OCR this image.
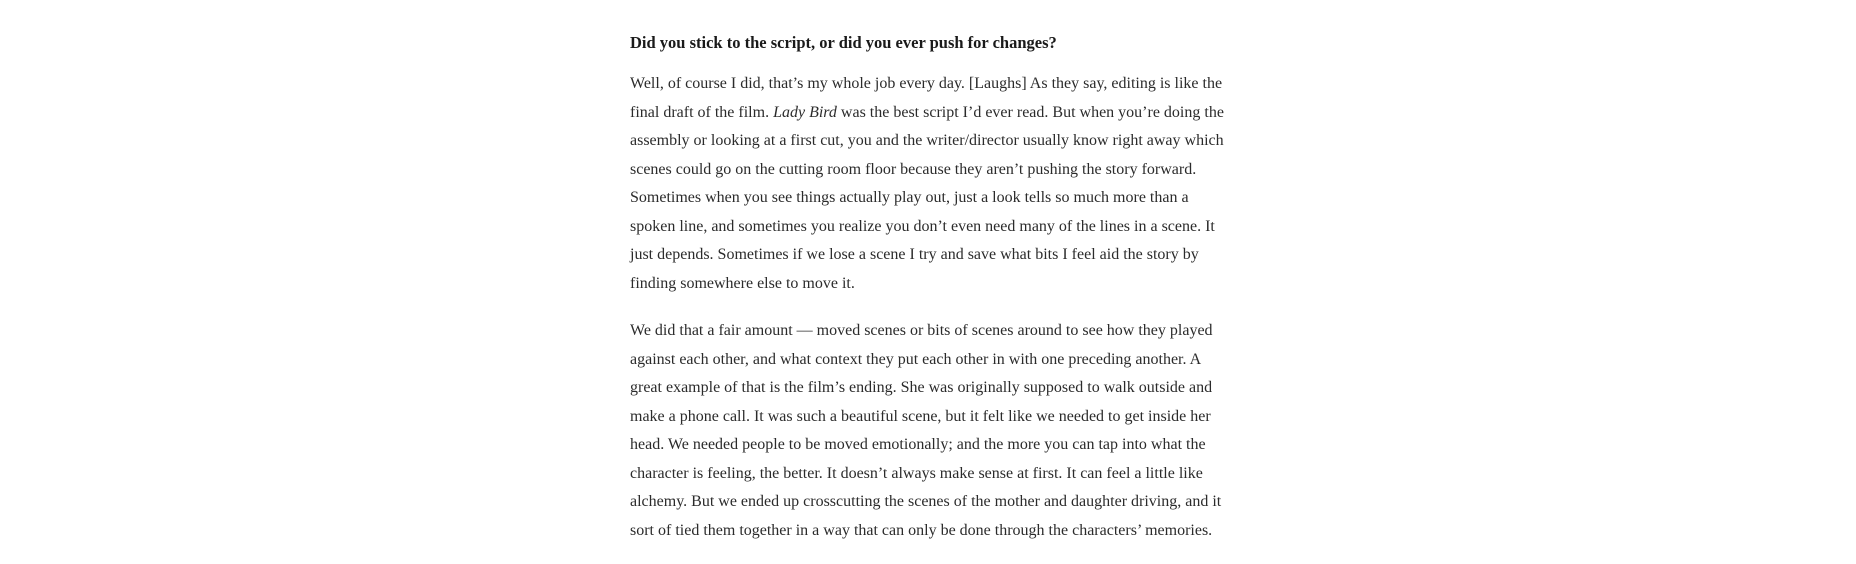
Did you stick to the script, or did you ever push for changes?

Well, of course I did, that’s my whole job every day. [Laughs] As they say, editing is like the final draft of the film. Lady Bird was the best script I’d ever read. But when you’re doing the assembly or looking at a first cut, you and the writer/director usually know right away which scenes could go on the cutting room floor because they aren’t pushing the story forward. Sometimes when you see things actually play out, just a look tells so much more than a spoken line, and sometimes you realize you don’t even need many of the lines in a scene. It just depends. Sometimes if we lose a scene I try and save what bits I feel aid the story by finding somewhere else to move it.

We did that a fair amount — moved scenes or bits of scenes around to see how they played against each other, and what context they put each other in with one preceding another. A great example of that is the film’s ending. She was originally supposed to walk outside and make a phone call. It was such a beautiful scene, but it felt like we needed to get inside her head. We needed people to be moved emotionally; and the more you can tap into what the character is feeling, the better. It doesn’t always make sense at first. It can feel a little like alchemy. But we ended up crosscutting the scenes of the mother and daughter driving, and it sort of tied them together in a way that can only be done through the characters’ memories.
